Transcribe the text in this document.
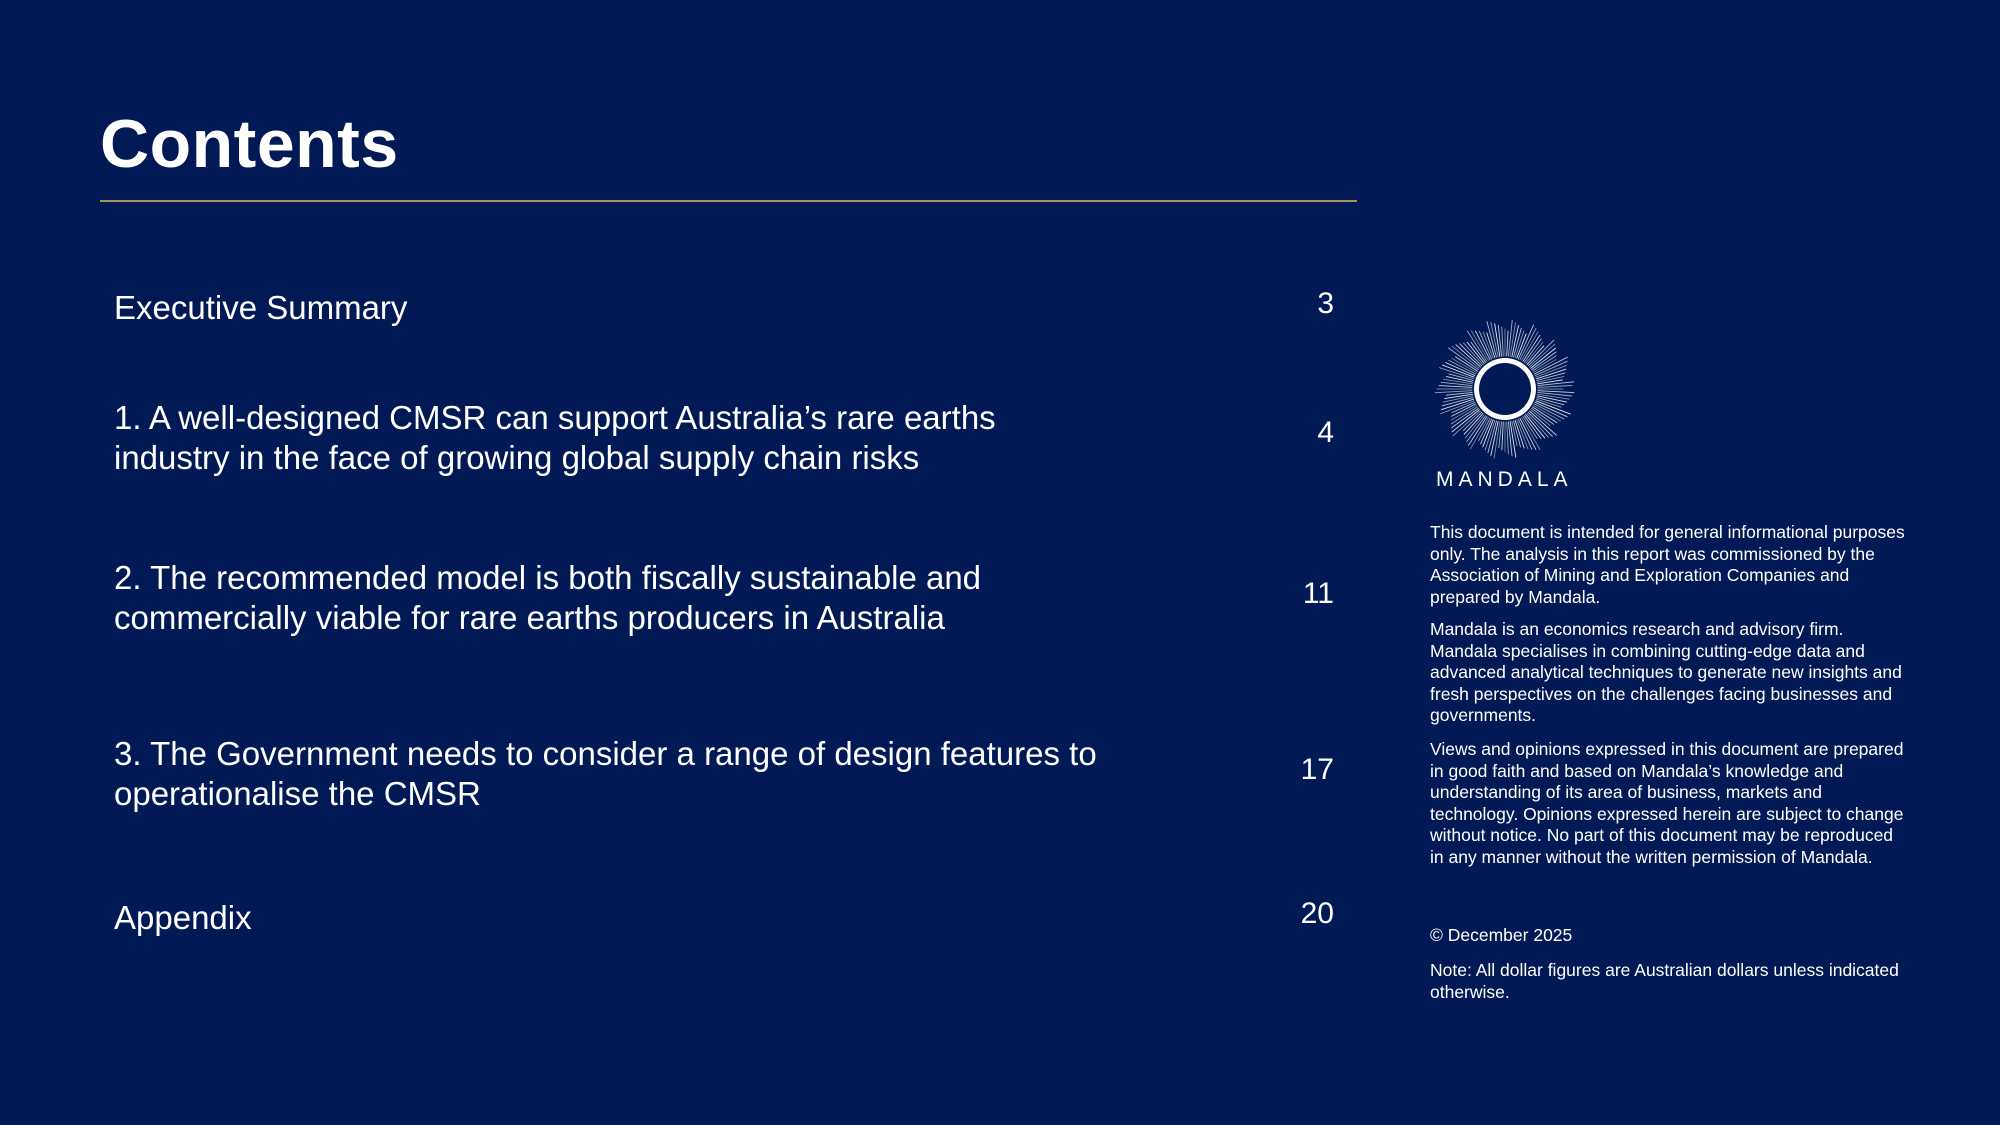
Contents
Executive Summary	3
1. A well-designed CMSR can support Australia’s rare earths industry in the face of growing global supply chain risks
4
2. The recommended model is both fiscally sustainable and commercially viable for rare earths producers in Australia
11
3. The Government needs to consider a range of design features to operationalise the CMSR
17
Appendix	20
MANDALA
This document is intended for general informational purposes only. The analysis in this report was commissioned by the Association of Mining and Exploration Companies and prepared by Mandala.
Mandala is an economics research and advisory firm. Mandala specialises in combining cutting-edge data and advanced analytical techniques to generate new insights and fresh perspectives on the challenges facing businesses and governments.
Views and opinions expressed in this document are prepared in good faith and based on Mandala’s knowledge and understanding of its area of business, markets and technology. Opinions expressed herein are subject to change without notice. No part of this document may be reproduced in any manner without the written permission of Mandala.
© December 2025
Note: All dollar figures are Australian dollars unless indicated otherwise.
